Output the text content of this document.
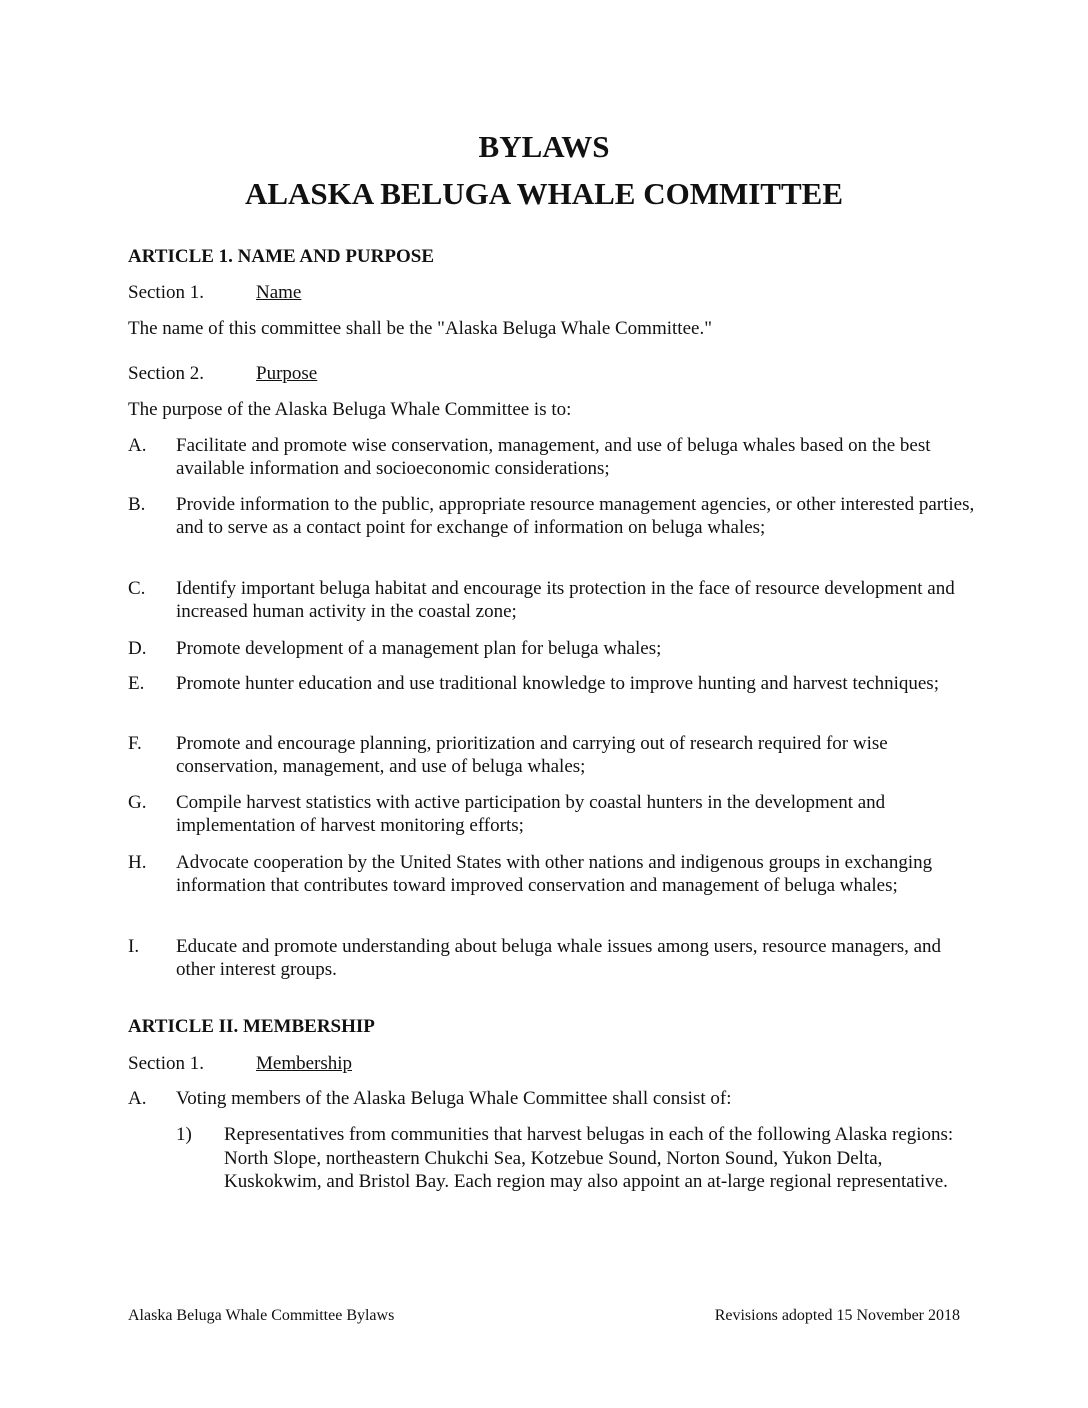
BYLAWS
ALASKA BELUGA WHALE COMMITTEE
ARTICLE 1. NAME AND PURPOSE

Section 1.	Name

The name of this committee shall be the "Alaska Beluga Whale Committee."

Section 2.	Purpose

The purpose of the Alaska Beluga Whale Committee is to:

A. Facilitate and promote wise conservation, management, and use of beluga whales based on the best available information and socioeconomic considerations;
B. Provide information to the public, appropriate resource management agencies, or other interested parties, and to serve as a contact point for exchange of information on beluga whales;
C. Identify important beluga habitat and encourage its protection in the face of resource development and increased human activity in the coastal zone;
D. Promote development of a management plan for beluga whales;
E. Promote hunter education and use traditional knowledge to improve hunting and harvest techniques;
F. Promote and encourage planning, prioritization and carrying out of research required for wise conservation, management, and use of beluga whales;
G. Compile harvest statistics with active participation by coastal hunters in the development and implementation of harvest monitoring efforts;
H. Advocate cooperation by the United States with other nations and indigenous groups in exchanging information that contributes toward improved conservation and management of beluga whales;
I. Educate and promote understanding about beluga whale issues among users, resource managers, and other interest groups.
ARTICLE II. MEMBERSHIP

Section 1.	Membership

A. Voting members of the Alaska Beluga Whale Committee shall consist of:
1) Representatives from communities that harvest belugas in each of the following Alaska regions: North Slope, northeastern Chukchi Sea, Kotzebue Sound, Norton Sound, Yukon Delta, Kuskokwim, and Bristol Bay. Each region may also appoint an at-large regional representative.
Alaska Beluga Whale Committee Bylaws	Revisions adopted 15 November 2018
